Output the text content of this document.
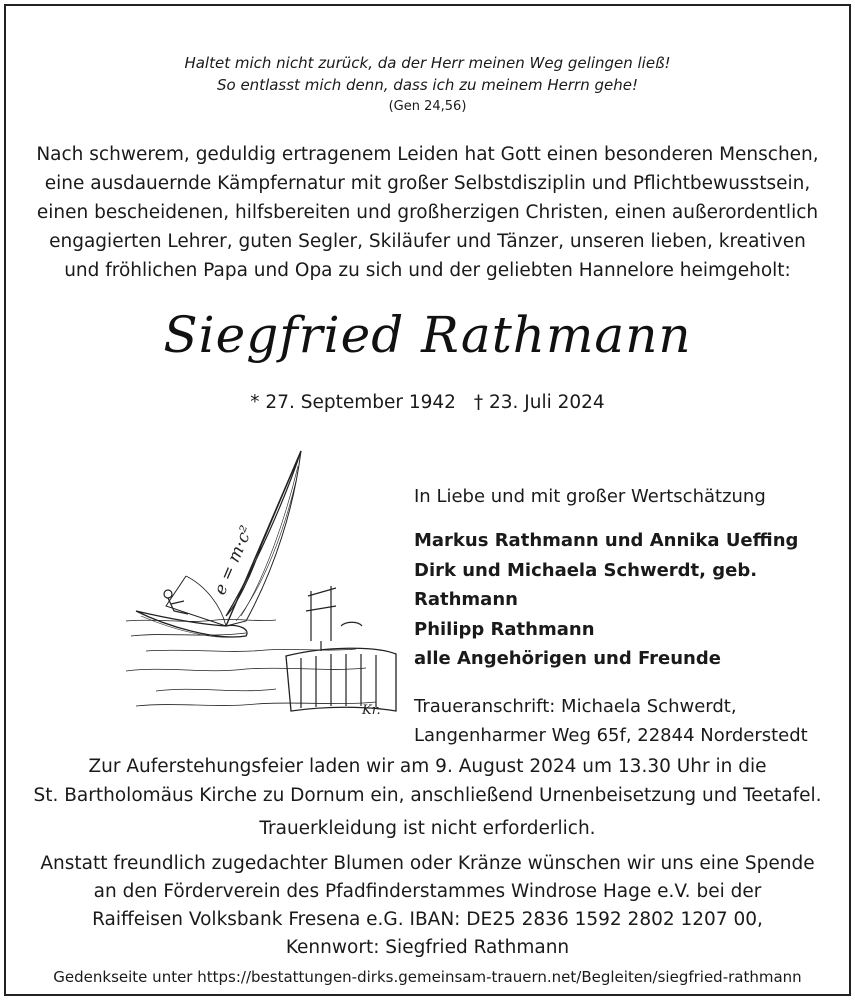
Haltet mich nicht zurück, da der Herr meinen Weg gelingen ließ!
So entlasst mich denn, dass ich zu meinem Herrn gehe!
(Gen 24,56)
Nach schwerem, geduldig ertragenem Leiden hat Gott einen besonderen Menschen,
eine ausdauernde Kämpfernatur mit großer Selbstdisziplin und Pflichtbewusstsein,
einen bescheidenen, hilfsbereiten und großherzigen Christen, einen außerordentlich
engagierten Lehrer, guten Segler, Skiläufer und Tänzer, unseren lieben, kreativen
und fröhlichen Papa und Opa zu sich und der geliebten Hannelore heimgeholt:
Siegfried Rathmann
* 27. September 1942 † 23. Juli 2024
e = m·c²
Kr.
In Liebe und mit großer Wertschätzung
Markus Rathmann und Annika Ueffing
Dirk und Michaela Schwerdt, geb. Rathmann
Philipp Rathmann
alle Angehörigen und Freunde
Traueranschrift: Michaela Schwerdt,
Langenharmer Weg 65f, 22844 Norderstedt
Zur Auferstehungsfeier laden wir am 9. August 2024 um 13.30 Uhr in die
St. Bartholomäus Kirche zu Dornum ein, anschließend Urnenbeisetzung und Teetafel.
Trauerkleidung ist nicht erforderlich.
Anstatt freundlich zugedachter Blumen oder Kränze wünschen wir uns eine Spende
an den Förderverein des Pfadfinderstammes Windrose Hage e.V. bei der
Raiffeisen Volksbank Fresena e.G. IBAN: DE25 2836 1592 2802 1207 00,
Kennwort: Siegfried Rathmann
Gedenkseite unter https://bestattungen-dirks.gemeinsam-trauern.net/Begleiten/siegfried-rathmann
